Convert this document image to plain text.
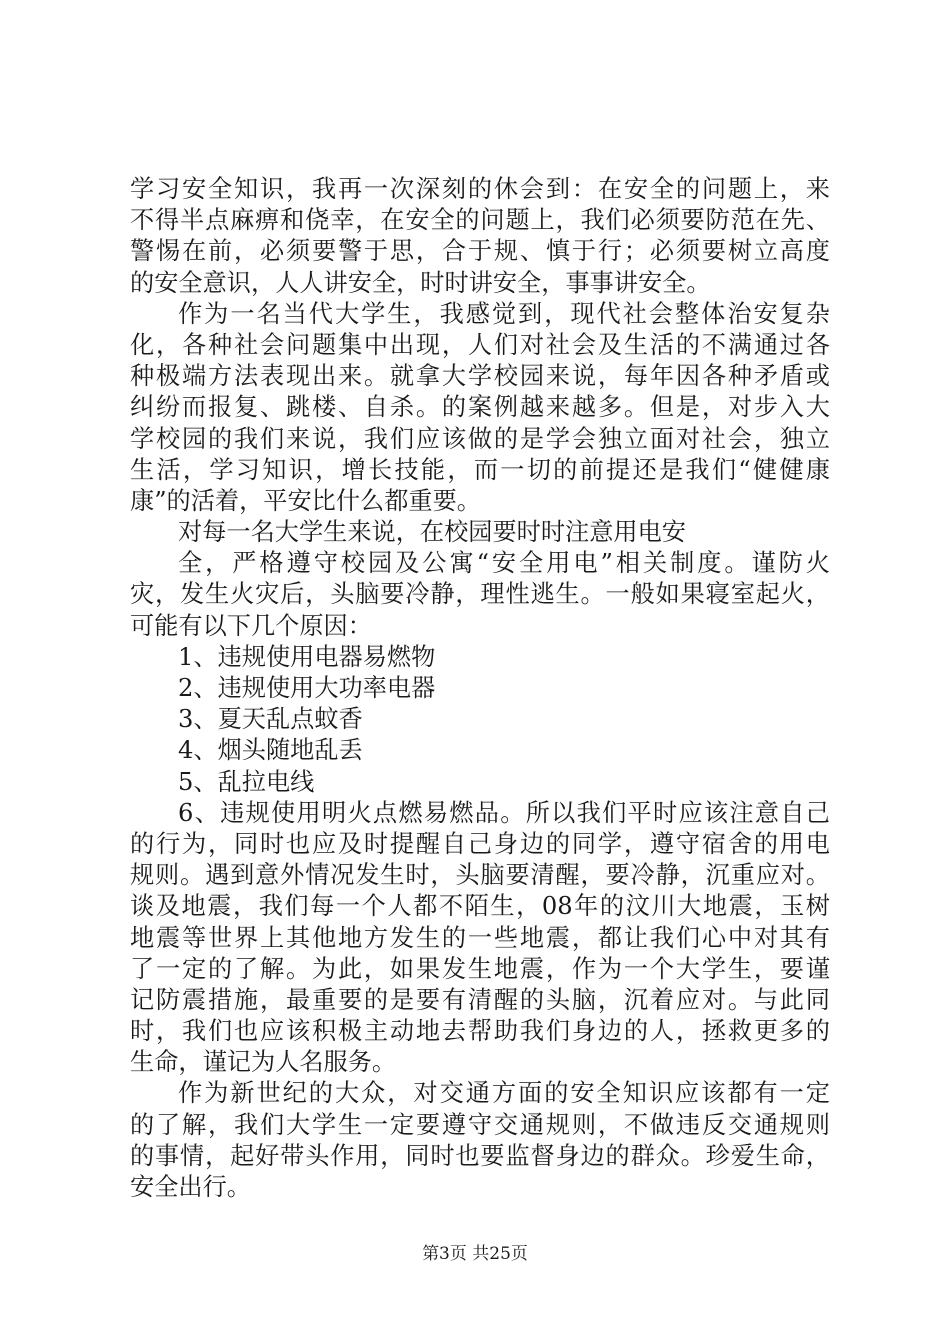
学习安全知识，我再一次深刻的休会到：在安全的问题上，来
不得半点麻痹和侥幸，在安全的问题上，我们必须要防范在先、
警惕在前，必须要警于思，合于规、慎于行；必须要树立高度
的安全意识，人人讲安全，时时讲安全，事事讲安全。
作为一名当代大学生，我感觉到，现代社会整体治安复杂
化，各种社会问题集中出现，人们对社会及生活的不满通过各
种极端方法表现出来。就拿大学校园来说，每年因各种矛盾或
纠纷而报复、跳楼、自杀。的案例越来越多。但是，对步入大
学校园的我们来说，我们应该做的是学会独立面对社会，独立
生活，学习知识，增长技能，而一切的前提还是我们“健健康
康”的活着，平安比什么都重要。
对每一名大学生来说，在校园要时时注意用电安
全，严格遵守校园及公寓“安全用电”相关制度。谨防火
灾，发生火灾后，头脑要冷静，理性逃生。一般如果寝室起火，
可能有以下几个原因：
1、违规使用电器易燃物
2、违规使用大功率电器
3、夏天乱点蚊香
4、烟头随地乱丢
5、乱拉电线
6、违规使用明火点燃易燃品。所以我们平时应该注意自己
的行为，同时也应及时提醒自己身边的同学，遵守宿舍的用电
规则。遇到意外情况发生时，头脑要清醒，要冷静，沉重应对。
谈及地震，我们每一个人都不陌生，08年的汶川大地震，玉树
地震等世界上其他地方发生的一些地震，都让我们心中对其有
了一定的了解。为此，如果发生地震，作为一个大学生，要谨
记防震措施，最重要的是要有清醒的头脑，沉着应对。与此同
时，我们也应该积极主动地去帮助我们身边的人，拯救更多的
生命，谨记为人名服务。
作为新世纪的大众，对交通方面的安全知识应该都有一定
的了解，我们大学生一定要遵守交通规则，不做违反交通规则
的事情，起好带头作用，同时也要监督身边的群众。珍爱生命，
安全出行。
第3页 共25页
